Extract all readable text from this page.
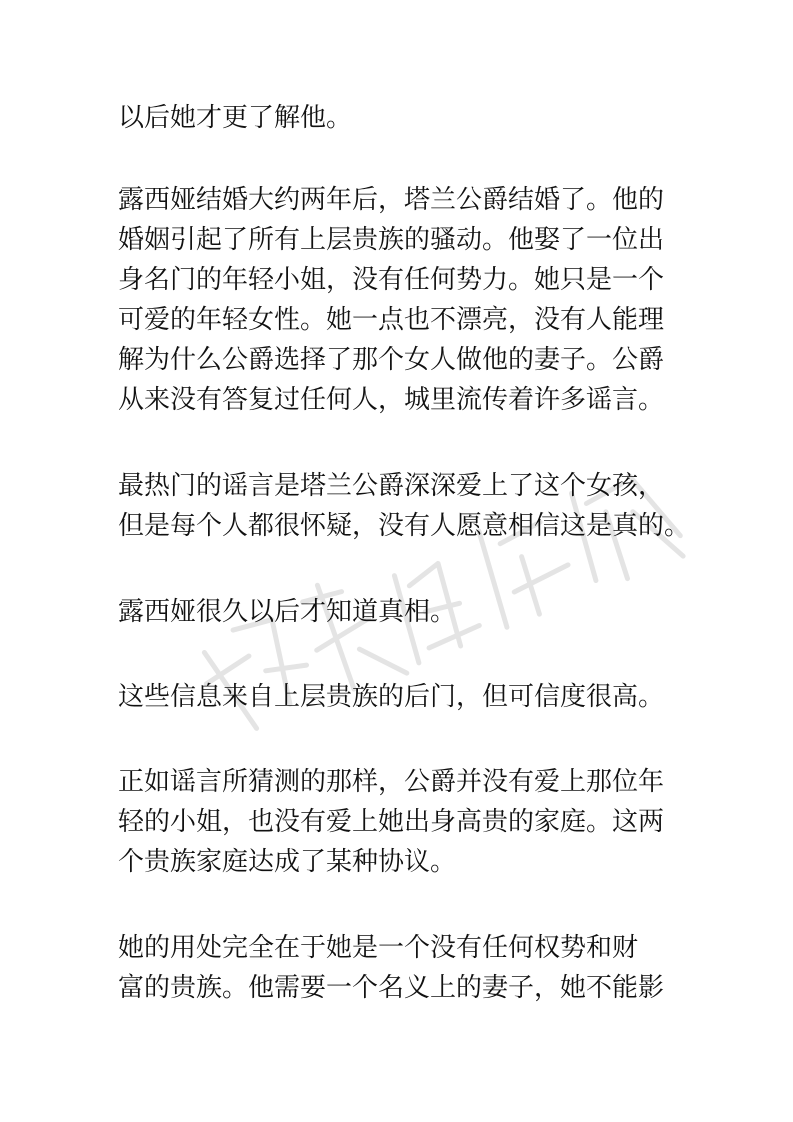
以后她才更了解他。
露西娅结婚大约两年后，塔兰公爵结婚了。他的
婚姻引起了所有上层贵族的骚动。他娶了一位出
身名门的年轻小姐，没有任何势力。她只是一个
可爱的年轻女性。她一点也不漂亮，没有人能理
解为什么公爵选择了那个女人做他的妻子。公爵
从来没有答复过任何人，城里流传着许多谣言。
最热门的谣言是塔兰公爵深深爱上了这个女孩，
但是每个人都很怀疑，没有人愿意相信这是真的。
露西娅很久以后才知道真相。
这些信息来自上层贵族的后门，但可信度很高。
正如谣言所猜测的那样，公爵并没有爱上那位年
轻的小姐，也没有爱上她出身高贵的家庭。这两
个贵族家庭达成了某种协议。
她的用处完全在于她是一个没有任何权势和财
富的贵族。他需要一个名义上的妻子，她不能影
